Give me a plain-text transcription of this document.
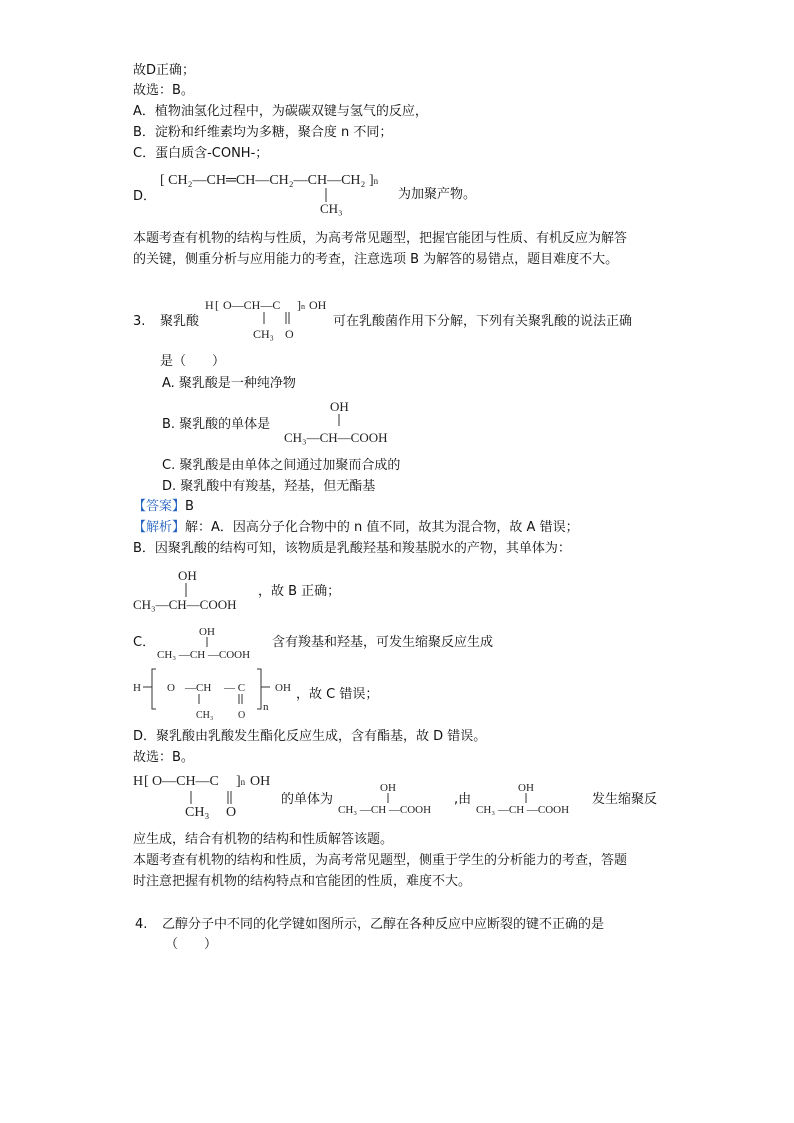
故D正确；
故选：B。
A．植物油氢化过程中，为碳碳双键与氢气的反应，
B．淀粉和纤维素均为多糖，聚合度 n 不同；
C．蛋白质含-CONH-；
D．
[ CH₂—CH═CH—CH₂—CH—CH₂ ]n
CH₃
为加聚产物。
本题考查有机物的结构与性质，为高考常见题型，把握官能团与性质、有机反应为解答
的关键，侧重分析与应用能力的考查，注意选项 B 为解答的易错点，题目难度不大。
3. 聚乳酸
H [ O—CH—C ]n OH
CH₃ O
可在乳酸菌作用下分解，下列有关聚乳酸的说法正确
是（　　）
A. 聚乳酸是一种纯净物
B. 聚乳酸的单体是
OH
CH₃—CH—COOH
C. 聚乳酸是由单体之间通过加聚而合成的
D. 聚乳酸中有羧基，羟基，但无酯基
【答案】B
【解析】解：A．因高分子化合物中的 n 值不同，故其为混合物，故 A 错误；
B．因聚乳酸的结构可知，该物质是乳酸羟基和羧基脱水的产物，其单体为：
OH
CH₃—CH—COOH
，故 B 正确；
C．
OH
CH₃ —CH —COOH
含有羧基和羟基，可发生缩聚反应生成
H O —CH — C
CH₃ O
n
OH ，故 C 错误；
D．聚乳酸由乳酸发生酯化反应生成，含有酯基，故 D 错误。
故选：B。
H [ O—CH—C ]n OH
CH₃ O
的单体为
OH
CH₃ —CH —COOH
,由
OH
CH₃ —CH —COOH
发生缩聚反
应生成，结合有机物的结构和性质解答该题。
本题考查有机物的结构和性质，为高考常见题型，侧重于学生的分析能力的考查，答题
时注意把握有机物的结构特点和官能团的性质，难度不大。
4. 乙醇分子中不同的化学键如图所示，乙醇在各种反应中应断裂的键不正确的是
（　　）
